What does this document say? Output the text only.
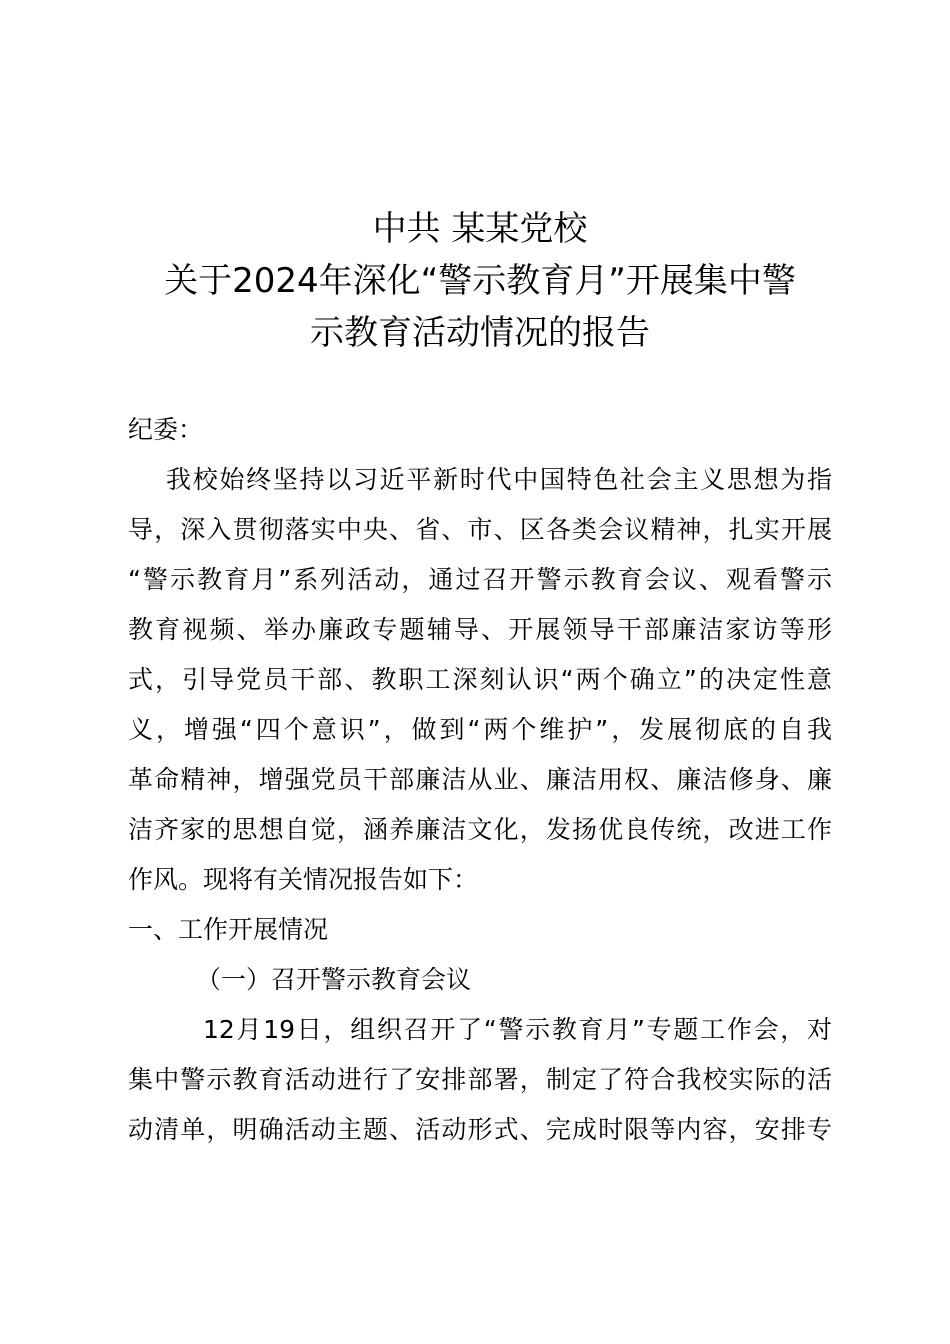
中共 某某党校
关于2024年深化“警示教育月”开展集中警
示教育活动情况的报告
纪委：
我校始终坚持以习近平新时代中国特色社会主义思想为指
导，深入贯彻落实中央、省、市、区各类会议精神，扎实开展
“警示教育月”系列活动，通过召开警示教育会议、观看警示
教育视频、举办廉政专题辅导、开展领导干部廉洁家访等形
式，引导党员干部、教职工深刻认识“两个确立”的决定性意
义，增强“四个意识”，做到“两个维护”，发展彻底的自我
革命精神，增强党员干部廉洁从业、廉洁用权、廉洁修身、廉
洁齐家的思想自觉，涵养廉洁文化，发扬优良传统，改进工作
作风。现将有关情况报告如下：
一、工作开展情况
（一）召开警示教育会议
12月19日，组织召开了“警示教育月”专题工作会，对
集中警示教育活动进行了安排部署，制定了符合我校实际的活
动清单，明确活动主题、活动形式、完成时限等内容，安排专
